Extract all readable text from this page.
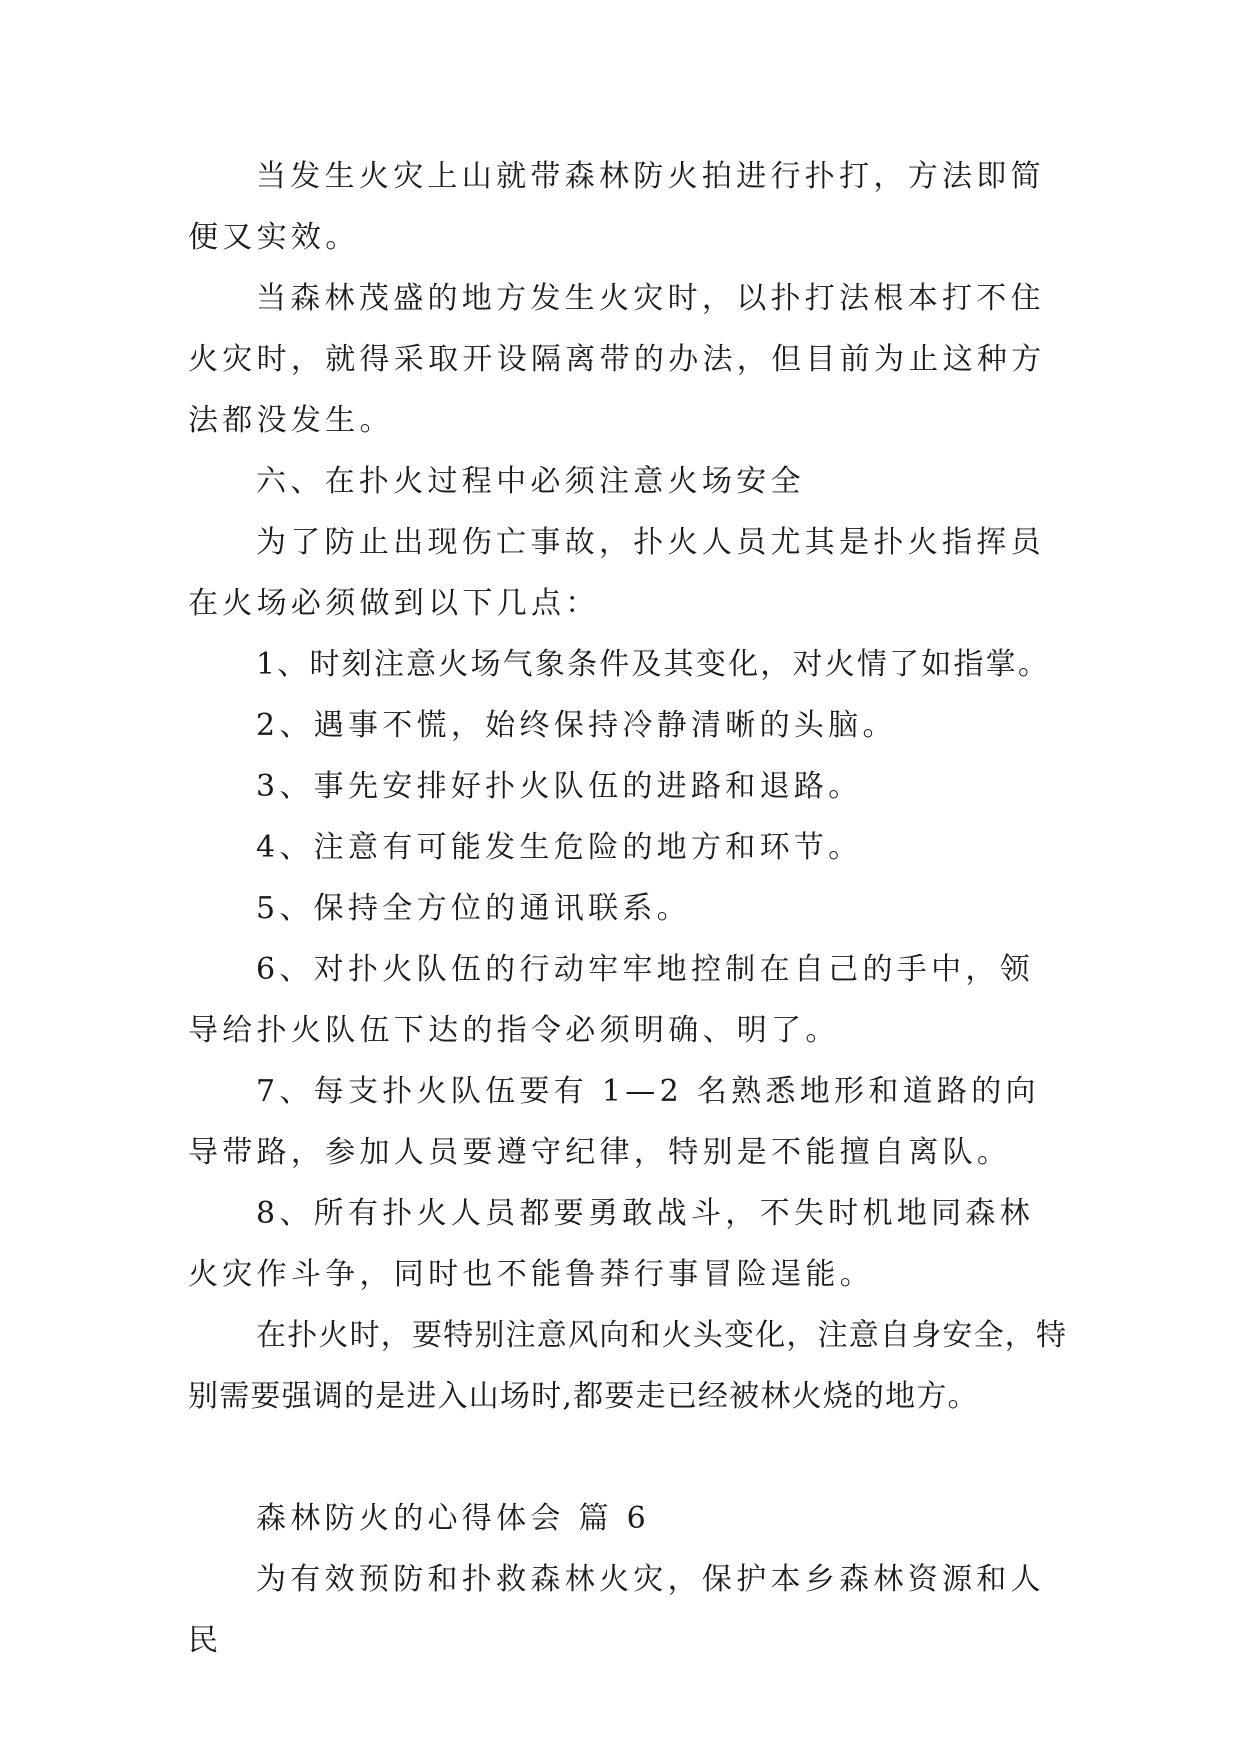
当发生火灾上山就带森林防火拍进行扑打，方法即简便又实效。

当森林茂盛的地方发生火灾时，以扑打法根本打不住火灾时，就得采取开设隔离带的办法，但目前为止这种方法都没发生。

六、在扑火过程中必须注意火场安全

为了防止出现伤亡事故，扑火人员尤其是扑火指挥员在火场必须做到以下几点：

1、时刻注意火场气象条件及其变化，对火情了如指掌。

2、遇事不慌，始终保持冷静清晰的头脑。

3、事先安排好扑火队伍的进路和退路。

4、注意有可能发生危险的地方和环节。

5、保持全方位的通讯联系。

6、对扑火队伍的行动牢牢地控制在自己的手中，领导给扑火队伍下达的指令必须明确、明了。

7、每支扑火队伍要有 1—2 名熟悉地形和道路的向导带路，参加人员要遵守纪律，特别是不能擅自离队。

8、所有扑火人员都要勇敢战斗，不失时机地同森林火灾作斗争，同时也不能鲁莽行事冒险逞能。

在扑火时，要特别注意风向和火头变化，注意自身安全，特别需要强调的是进入山场时,都要走已经被林火烧的地方。

森林防火的心得体会 篇 6

为有效预防和扑救森林火灾，保护本乡森林资源和人民
